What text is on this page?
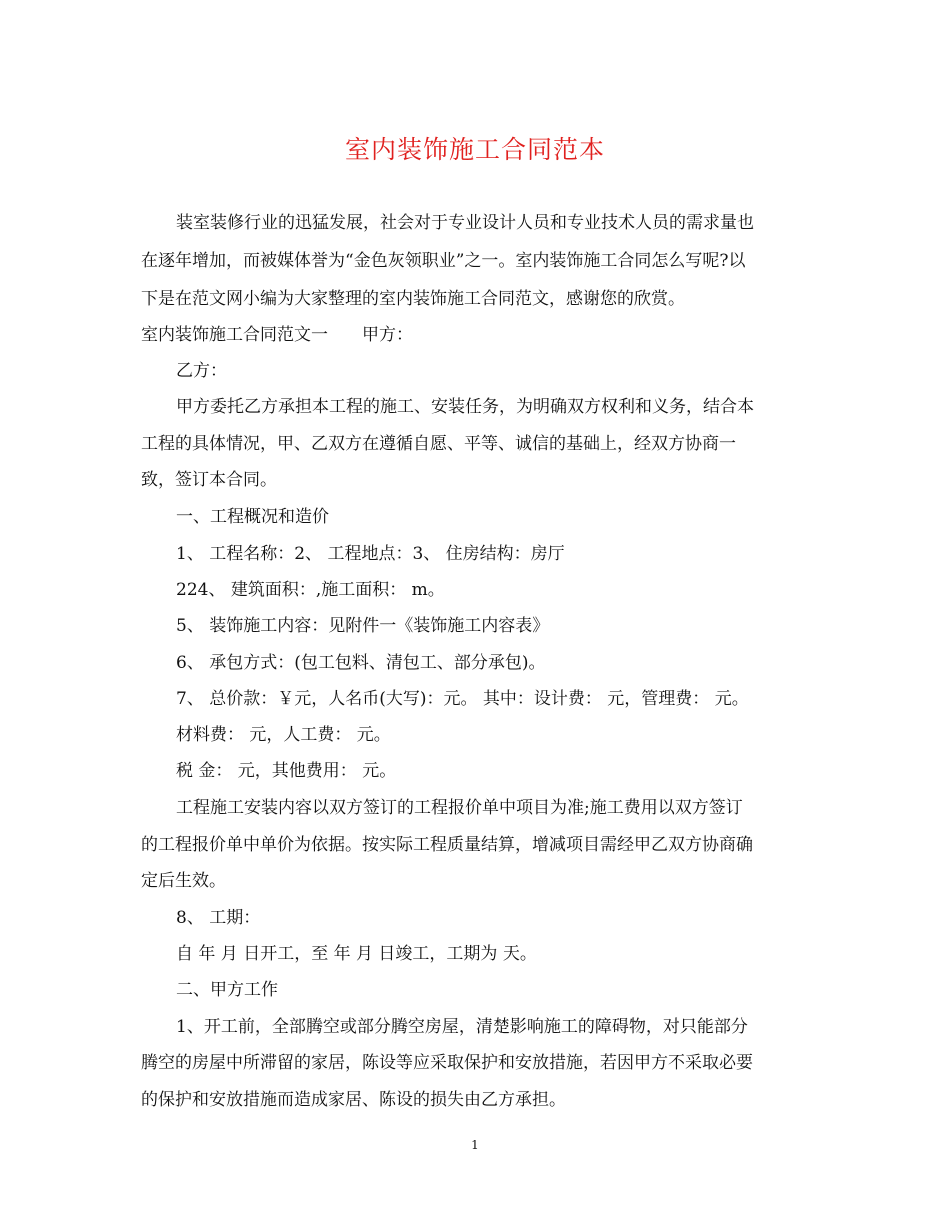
室内装饰施工合同范本
装室装修行业的迅猛发展，社会对于专业设计人员和专业技术人员的需求量也
在逐年增加，而被媒体誉为“金色灰领职业”之一。室内装饰施工合同怎么写呢?以
下是在范文网小编为大家整理的室内装饰施工合同范文，感谢您的欣赏。
室内装饰施工合同范文一　　甲方：
乙方：
甲方委托乙方承担本工程的施工、安装任务，为明确双方权利和义务，结合本
工程的具体情况，甲、乙双方在遵循自愿、平等、诚信的基础上，经双方协商一
致，签订本合同。
一、工程概况和造价
1、 工程名称：2、 工程地点：3、 住房结构：房厅
224、 建筑面积：,施工面积： m。
5、 装饰施工内容：见附件一《装饰施工内容表》
6、 承包方式：(包工包料、清包工、部分承包)。
7、 总价款：￥元，人名币(大写)：元。 其中：设计费： 元，管理费： 元。
材料费： 元，人工费： 元。
税 金： 元，其他费用： 元。
工程施工安装内容以双方签订的工程报价单中项目为准;施工费用以双方签订
的工程报价单中单价为依据。按实际工程质量结算，增减项目需经甲乙双方协商确
定后生效。
8、 工期：
自 年 月 日开工，至 年 月 日竣工，工期为 天。
二、甲方工作
1、开工前，全部腾空或部分腾空房屋，清楚影响施工的障碍物，对只能部分
腾空的房屋中所滞留的家居，陈设等应采取保护和安放措施，若因甲方不采取必要
的保护和安放措施而造成家居、陈设的损失由乙方承担。
1
